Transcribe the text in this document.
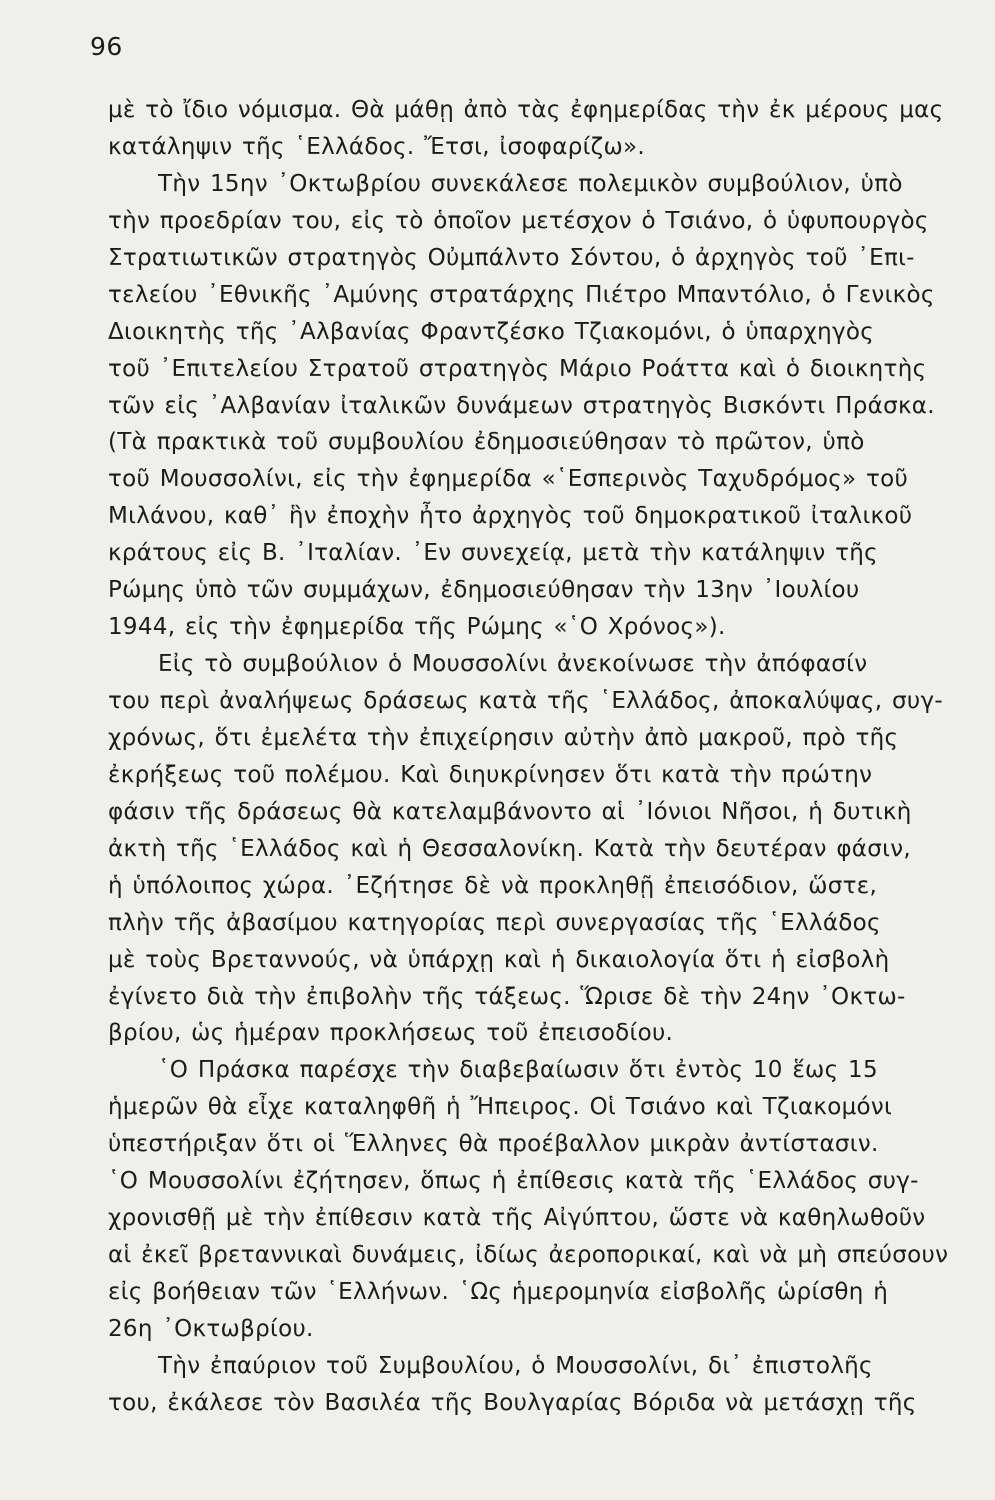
96
μὲ τὸ ἴδιο νόμισμα. Θὰ μάθῃ ἀπὸ τὰς ἐφημερίδας τὴν ἐκ μέρους μας
κατάληψιν τῆς ῾Ελλάδος. Ἔτσι, ἰσοφαρίζω».
Τὴν 15ην ᾽Οκτωβρίου συνεκάλεσε πολεμικὸν συμβούλιον, ὑπὸ
τὴν προεδρίαν του, εἰς τὸ ὁποῖον μετέσχον ὁ Τσιάνο, ὁ ὑφυπουργὸς
Στρατιωτικῶν στρατηγὸς Οὐμπάλντο Σόντου, ὁ ἀρχηγὸς τοῦ ᾽Επι-
τελείου ᾽Εθνικῆς ᾽Αμύνης στρατάρχης Πιέτρο Μπαντόλιο, ὁ Γενικὸς
Διοικητὴς τῆς ᾽Αλβανίας Φραντζέσκο Τζιακομόνι, ὁ ὑπαρχηγὸς
τοῦ ᾽Επιτελείου Στρατοῦ στρατηγὸς Μάριο Ροάττα καὶ ὁ διοικητὴς
τῶν εἰς ᾽Αλβανίαν ἰταλικῶν δυνάμεων στρατηγὸς Βισκόντι Πράσκα.
(Τὰ πρακτικὰ τοῦ συμβουλίου ἐδημοσιεύθησαν τὸ πρῶτον, ὑπὸ
τοῦ Μουσσολίνι, εἰς τὴν ἐφημερίδα «῾Εσπερινὸς Ταχυδρόμος» τοῦ
Μιλάνου, καθ᾽ ἣν ἐποχὴν ἦτο ἀρχηγὸς τοῦ δημοκρατικοῦ ἰταλικοῦ
κράτους εἰς Β. ᾽Ιταλίαν. ᾽Εν συνεχείᾳ, μετὰ τὴν κατάληψιν τῆς
Ρώμης ὑπὸ τῶν συμμάχων, ἐδημοσιεύθησαν τὴν 13ην ᾽Ιουλίου
1944, εἰς τὴν ἐφημερίδα τῆς Ρώμης «῾Ο Χρόνος»).
Εἰς τὸ συμβούλιον ὁ Μουσσολίνι ἀνεκοίνωσε τὴν ἀπόφασίν
του περὶ ἀναλήψεως δράσεως κατὰ τῆς ῾Ελλάδος, ἀποκαλύψας, συγ-
χρόνως, ὅτι ἐμελέτα τὴν ἐπιχείρησιν αὐτὴν ἀπὸ μακροῦ, πρὸ τῆς
ἐκρήξεως τοῦ πολέμου. Καὶ διηυκρίνησεν ὅτι κατὰ τὴν πρώτην
φάσιν τῆς δράσεως θὰ κατελαμβάνοντο αἱ ᾽Ιόνιοι Νῆσοι, ἡ δυτικὴ
ἀκτὴ τῆς ῾Ελλάδος καὶ ἡ Θεσσαλονίκη. Κατὰ τὴν δευτέραν φάσιν,
ἡ ὑπόλοιπος χώρα. ᾽Εζήτησε δὲ νὰ προκληθῇ ἐπεισόδιον, ὥστε,
πλὴν τῆς ἀβασίμου κατηγορίας περὶ συνεργασίας τῆς ῾Ελλάδος
μὲ τοὺς Βρεταννούς, νὰ ὑπάρχῃ καὶ ἡ δικαιολογία ὅτι ἡ εἰσβολὴ
ἐγίνετο διὰ τὴν ἐπιβολὴν τῆς τάξεως. Ὥρισε δὲ τὴν 24ην ᾽Οκτω-
βρίου, ὡς ἡμέραν προκλήσεως τοῦ ἐπεισοδίου.
῾Ο Πράσκα παρέσχε τὴν διαβεβαίωσιν ὅτι ἐντὸς 10 ἕως 15
ἡμερῶν θὰ εἶχε καταληφθῆ ἡ Ἤπειρος. Οἱ Τσιάνο καὶ Τζιακομόνι
ὑπεστήριξαν ὅτι οἱ Ἕλληνες θὰ προέβαλλον μικρὰν ἀντίστασιν.
῾Ο Μουσσολίνι ἐζήτησεν, ὅπως ἡ ἐπίθεσις κατὰ τῆς ῾Ελλάδος συγ-
χρονισθῇ μὲ τὴν ἐπίθεσιν κατὰ τῆς Αἰγύπτου, ὥστε νὰ καθηλωθοῦν
αἱ ἐκεῖ βρεταννικαὶ δυνάμεις, ἰδίως ἀεροπορικαί, καὶ νὰ μὴ σπεύσουν
εἰς βοήθειαν τῶν ῾Ελλήνων. ῾Ως ἡμερομηνία εἰσβολῆς ὡρίσθη ἡ
26η ᾽Οκτωβρίου.
Τὴν ἐπαύριον τοῦ Συμβουλίου, ὁ Μουσσολίνι, δι᾽ ἐπιστολῆς
του, ἐκάλεσε τὸν Βασιλέα τῆς Βουλγαρίας Βόριδα νὰ μετάσχῃ τῆς
